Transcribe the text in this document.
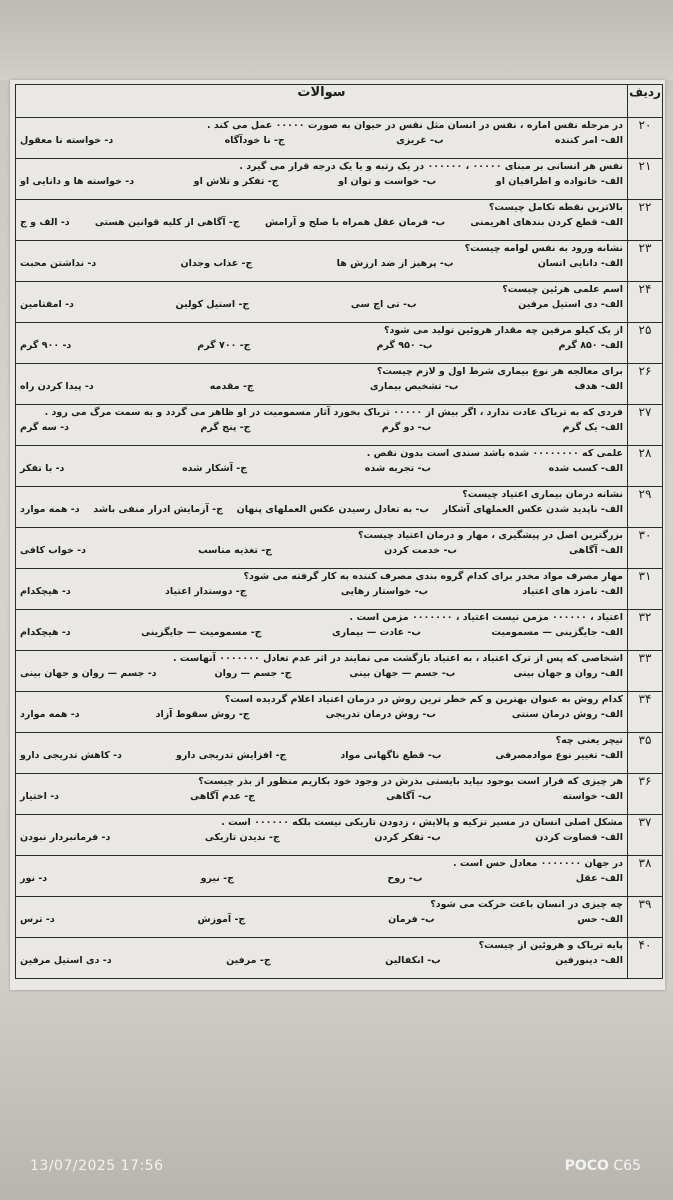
ردیف	سوالات
۲۰	در مرحله نفس اماره ، نفس در انسان مثل نفس در حیوان به صورت ۰۰۰۰۰ عمل می کند .
الف- امر کننده
ب- غریزی
ج- نا خودآگاه
د- خواسته نا معقول

۲۱	نفس هر انسانی بر مبنای ۰۰۰۰۰ ، ۰۰۰۰۰۰ در یک رتبه و یا یک درجه قرار می گیرد .
الف- خانواده و اطرافیان او
ب- خواست و توان او
ج- تفکر و تلاش او
د- خواسته ها و دانایی او

۲۲	بالاترین نقطه تکامل چیست؟
الف- قطع کردن بندهای اهریمنی
ب- فرمان عقل همراه با صلح و آرامش
ج- آگاهی از کلیه قوانین هستی
د- الف و ج

۲۳	نشانه ورود به نفس لوامه چیست؟
الف- دانایی انسان
ب- پرهیز از ضد ارزش ها
ج- عذاب وجدان
د- نداشتن محبت

۲۴	اسم علمی هرئین چیست؟
الف- دی استیل مرفین
ب- تی اچ سی
ج- استیل کولین
د- امفتامین

۲۵	از یک کیلو مرفین چه مقدار هروئین تولید می شود؟
الف- ۸۵۰ گرم
ب- ۹۵۰ گرم
ج- ۷۰۰ گرم
د- ۹۰۰ گرم

۲۶	برای معالجه هر نوع بیماری شرط اول و لازم چیست؟
الف- هدف
ب- تشخیص بیماری
ج- مقدمه
د- پیدا کردن راه

۲۷	فردی که به تریاک عادت ندارد ، اگر بیش از ۰۰۰۰۰ تریاک بخورد آثار مسمومیت در او ظاهر می گردد و به سمت مرگ می رود .
الف- یک گرم
ب- دو گرم
ج- پنج گرم
د- سه گرم

۲۸	علمی که ۰۰۰۰۰۰۰۰ شده باشد سندی است بدون نقص .
الف- کسب شده
ب- تجربه شده
ج- آشکار شده
د- با تفکر

۲۹	نشانه درمان بیماری اعتیاد چیست؟
الف- ناپدید شدن عکس العملهای آشکار
ب- به تعادل رسیدن عکس العملهای پنهان
ج- آزمایش ادرار منفی باشد
د- همه موارد

۳۰	بزرگترین اصل در پیشگیری ، مهار و درمان اعتیاد چیست؟
الف- آگاهی
ب- خدمت کردن
ج- تغذیه مناسب
د- خواب کافی

۳۱	مهار مصرف مواد مخدر برای کدام گروه بندی مصرف کننده به کار گرفته می شود؟
الف- نامزد های اعتیاد
ب- خواستار رهایی
ج- دوستدار اعتیاد
د- هیچکدام

۳۲	اعتیاد ، ۰۰۰۰۰۰ مزمن نیست اعتیاد ، ۰۰۰۰۰۰۰ مزمن است .
الف- جایگزینی — مسمومیت
ب- عادت — بیماری
ج- مسمومیت — جایگزینی
د- هیچکدام

۳۳	اشخاصی که پس از ترک اعتیاد ، به اعتیاد بازگشت می نمایند در اثر عدم تعادل ۰۰۰۰۰۰۰ آنهاست .
الف- روان و جهان بینی
ب- جسم — جهان بینی
ج- جسم — روان
د- جسم — روان و جهان بینی

۳۴	کدام روش به عنوان بهترین و کم خطر ترین روش در درمان اعتیاد اعلام گردیده است؟
الف- روش درمان سنتی
ب- روش درمان تدریجی
ج- روش سقوط آزاد
د- همه موارد

۳۵	تیچر یعنی چه؟
الف- تغییر نوع موادمصرفی
ب- قطع ناگهانی مواد
ج- افزایش تدریجی دارو
د- کاهش تدریجی دارو

۳۶	هر چیزی که قرار است بوجود بیاید بایستی بذرش در وجود خود بکاریم منظور از بذر چیست؟
الف- خواسته
ب- آگاهی
ج- عدم آگاهی
د- اختیار

۳۷	مشکل اصلی انسان در مسیر تزکیه و پالایش ، زدودن تاریکی نیست بلکه ۰۰۰۰۰۰ است .
الف- قضاوت کردن
ب- تفکر کردن
ج- ندیدن تاریکی
د- فرمانبردار نبودن

۳۸	در جهان ۰۰۰۰۰۰۰ معادل حس است .
الف- عقل
ب- روح
ج- نیرو
د- نور

۳۹	چه چیزی در انسان باعث حرکت می شود؟
الف- حس
ب- فرمان
ج- آموزش
د- ترس

۴۰	پایه تریاک و هروئین از چیست؟
الف- دینورفین
ب- انکفالین
ج- مرفین
د- دی استیل مرفین
13/07/2025 17:56	POCO C65
